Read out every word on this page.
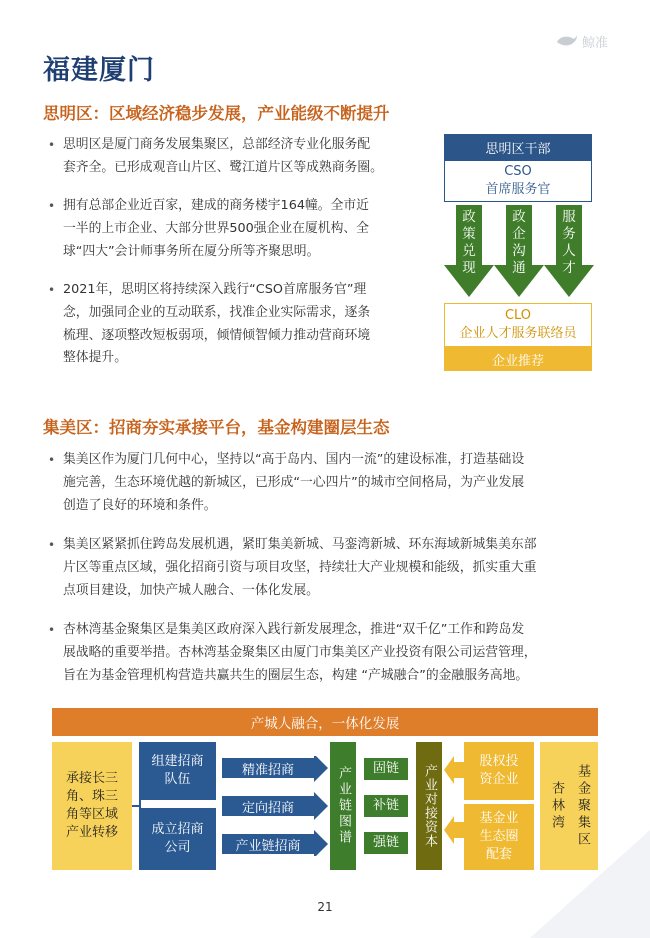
鲸准
福建厦门
思明区：区域经济稳步发展，产业能级不断提升
• 思明区是厦门商务发展集聚区，总部经济专业化服务配
套齐全。已形成观音山片区、鹭江道片区等成熟商务圈。
• 拥有总部企业近百家，建成的商务楼宇164幢。全市近
一半的上市企业、大部分世界500强企业在厦机构、全
球“四大”会计师事务所在厦分所等齐聚思明。
• 2021年，思明区将持续深入践行“CSO首席服务官”理
念，加强同企业的互动联系，找准企业实际需求，逐条
梳理、逐项整改短板弱项，倾情倾智倾力推动营商环境
整体提升。
思明区干部
CSO
首席服务官
政策兑现
政企沟通
服务人才
CLO
企业人才服务联络员
企业推荐
集美区：招商夯实承接平台，基金构建圈层生态
• 集美区作为厦门几何中心，坚持以“高于岛内、国内一流”的建设标准，打造基础设
施完善，生态环境优越的新城区，已形成“一心四片”的城市空间格局，为产业发展
创造了良好的环境和条件。
• 集美区紧紧抓住跨岛发展机遇，紧盯集美新城、马銮湾新城、环东海域新城集美东部
片区等重点区域，强化招商引资与项目攻坚，持续壮大产业规模和能级，抓实重大重
点项目建设，加快产城人融合、一体化发展。
• 杏林湾基金聚集区是集美区政府深入践行新发展理念，推进“双千亿”工作和跨岛发
展战略的重要举措。杏林湾基金聚集区由厦门市集美区产业投资有限公司运营管理，
旨在为基金管理机构营造共赢共生的圈层生态，构建 “产城融合”的金融服务高地。
产城人融合，一体化发展
承接长三
角、珠三
角等区域
产业转移
组建招商
队伍
成立招商
公司
精准招商
定向招商
产业链招商	产业链图谱	固链
补链
强链	产业对接资本
股权投
资企业
基金业
生态圈
配套
杏林湾 基金聚集区
21
